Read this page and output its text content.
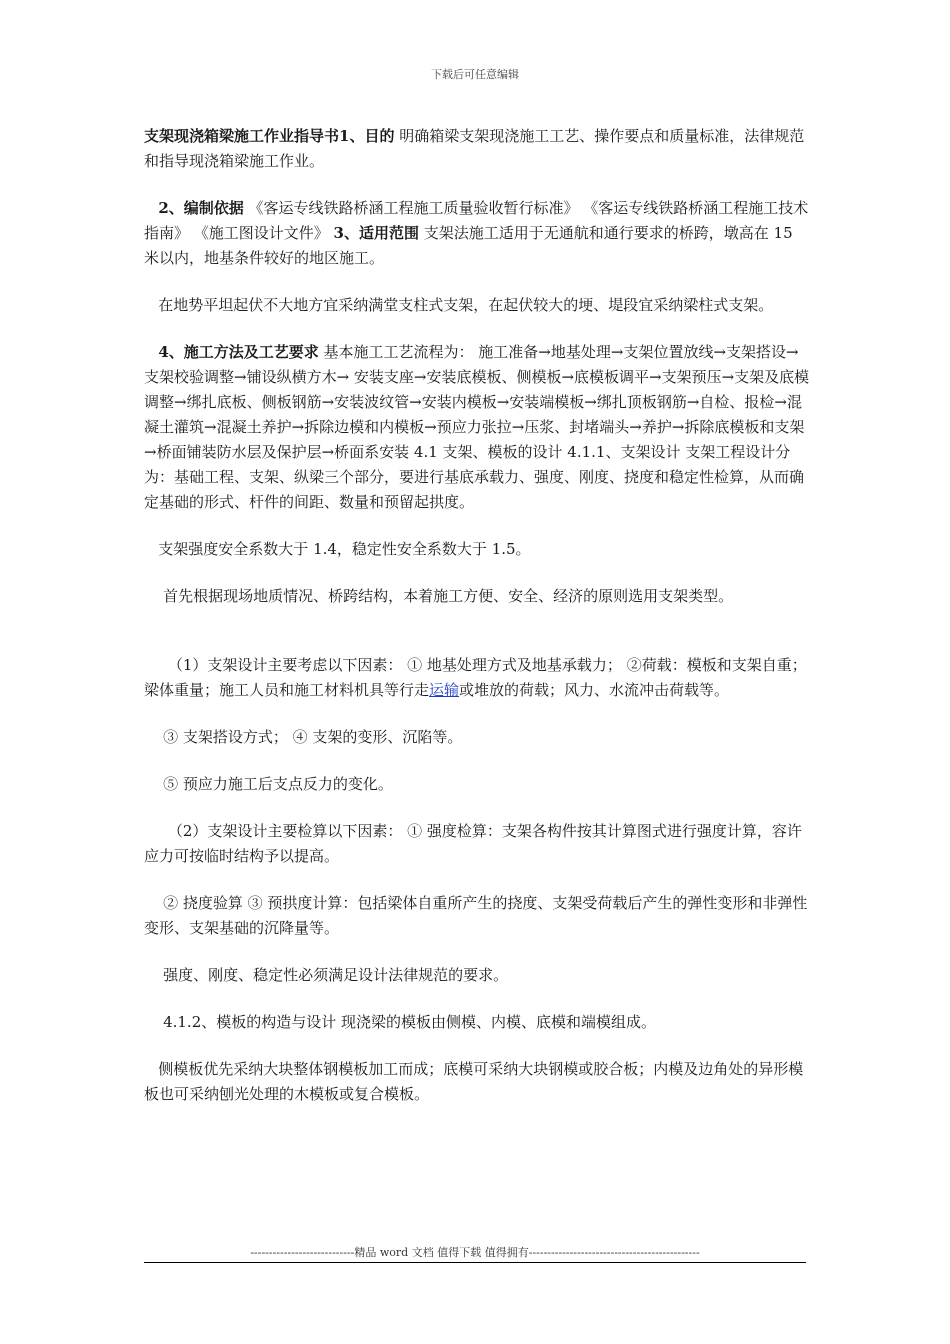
下载后可任意编辑

支架现浇箱梁施工作业指导书1、目的 明确箱梁支架现浇施工工艺、操作要点和质量标准，法律规范和指导现浇箱梁施工作业。

2、编制依据 《客运专线铁路桥涵工程施工质量验收暂行标准》 《客运专线铁路桥涵工程施工技术指南》 《施工图设计文件》 3、适用范围 支架法施工适用于无通航和通行要求的桥跨，墩高在 15 米以内，地基条件较好的地区施工。

在地势平坦起伏不大地方宜采纳满堂支柱式支架，在起伏较大的埂、堤段宜采纳梁柱式支架。

4、施工方法及工艺要求 基本施工工艺流程为： 施工准备→地基处理→支架位置放线→支架搭设→支架校验调整→铺设纵横方木→ 安装支座→安装底模板、侧模板→底模板调平→支架预压→支架及底模调整→绑扎底板、侧板钢筋→安装波纹管→安装内模板→安装端模板→绑扎顶板钢筋→自检、报检→混凝土灌筑→混凝土养护→拆除边模和内模板→预应力张拉→压浆、封堵端头→养护→拆除底模板和支架→桥面铺装防水层及保护层→桥面系安装 4.1 支架、模板的设计 4.1.1、支架设计 支架工程设计分为：基础工程、支架、纵梁三个部分，要进行基底承载力、强度、刚度、挠度和稳定性检算，从而确定基础的形式、杆件的间距、数量和预留起拱度。

支架强度安全系数大于 1.4，稳定性安全系数大于 1.5。

首先根据现场地质情况、桥跨结构，本着施工方便、安全、经济的原则选用支架类型。

（1）支架设计主要考虑以下因素： ① 地基处理方式及地基承载力； ②荷载：模板和支架自重；梁体重量；施工人员和施工材料机具等行走运输或堆放的荷载；风力、水流冲击荷载等。

③ 支架搭设方式； ④ 支架的变形、沉陷等。

⑤ 预应力施工后支点反力的变化。

（2）支架设计主要检算以下因素： ① 强度检算：支架各构件按其计算图式进行强度计算，容许应力可按临时结构予以提高。

② 挠度验算 ③ 预拱度计算：包括梁体自重所产生的挠度、支架受荷载后产生的弹性变形和非弹性变形、支架基础的沉降量等。

强度、刚度、稳定性必须满足设计法律规范的要求。

4.1.2、模板的构造与设计 现浇梁的模板由侧模、内模、底模和端模组成。

侧模板优先采纳大块整体钢模板加工而成；底模可采纳大块钢模或胶合板；内模及边角处的异形模板也可采纳刨光处理的木模板或复合模板。

----------------------------精品 word 文档 值得下载 值得拥有----------------------------------------------
